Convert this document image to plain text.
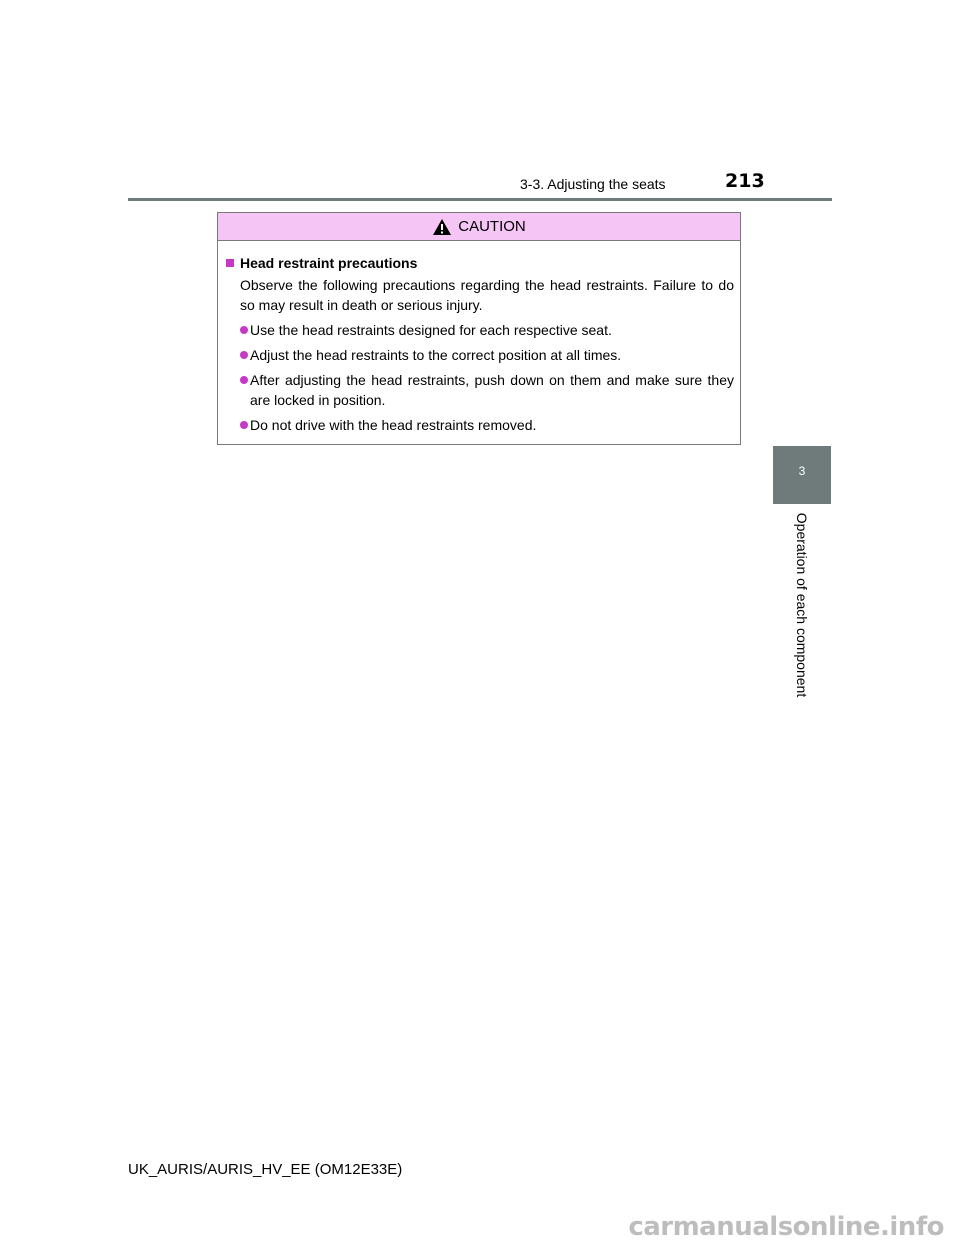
3-3. Adjusting the seats	213
CAUTION
Head restraint precautions
Observe the following precautions regarding the head restraints. Failure to do so may result in death or serious injury.
Use the head restraints designed for each respective seat.
Adjust the head restraints to the correct position at all times.
After adjusting the head restraints, push down on them and make sure they are locked in position.
Do not drive with the head restraints removed.
3
Operation of each component
UK_AURIS/AURIS_HV_EE (OM12E33E)
carmanualsonline.info
